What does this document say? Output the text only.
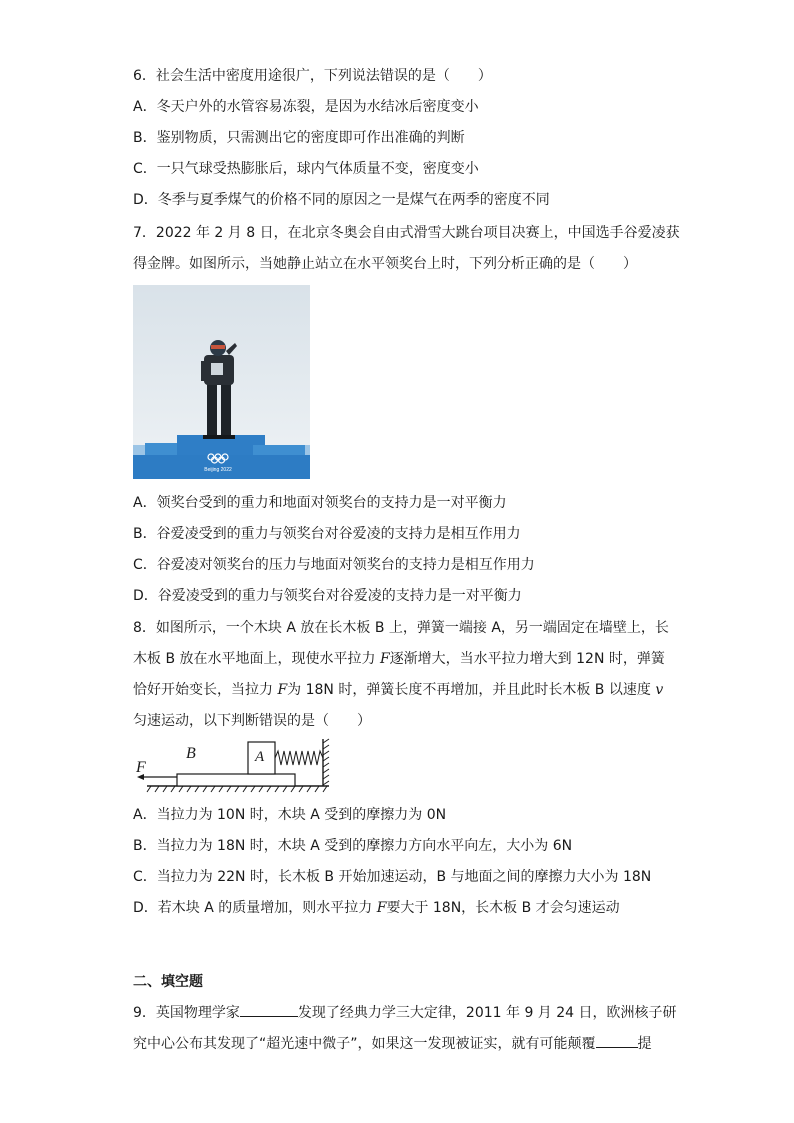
6．社会生活中密度用途很广，下列说法错误的是（　　）
A．冬天户外的水管容易冻裂，是因为水结冰后密度变小
B．鉴别物质，只需测出它的密度即可作出准确的判断
C．一只气球受热膨胀后，球内气体质量不变，密度变小
D．冬季与夏季煤气的价格不同的原因之一是煤气在两季的密度不同
7．2022 年 2 月 8 日，在北京冬奥会自由式滑雪大跳台项目决赛上，中国选手谷爱凌获
得金牌。如图所示，当她静止站立在水平领奖台上时，下列分析正确的是（　　）
Beijing 2022
A．领奖台受到的重力和地面对领奖台的支持力是一对平衡力
B．谷爱凌受到的重力与领奖台对谷爱凌的支持力是相互作用力
C．谷爱凌对领奖台的压力与地面对领奖台的支持力是相互作用力
D．谷爱凌受到的重力与领奖台对谷爱凌的支持力是一对平衡力
8．如图所示，一个木块 A 放在长木板 B 上，弹簧一端接 A，另一端固定在墙壁上，长
木板 B 放在水平地面上，现使水平拉力 F逐渐增大，当水平拉力增大到 12N 时，弹簧
恰好开始变长，当拉力 F为 18N 时，弹簧长度不再增加，并且此时长木板 B 以速度 v
匀速运动，以下判断错误的是（　　）
B	A
F
A．当拉力为 10N 时，木块 A 受到的摩擦力为 0N
B．当拉力为 18N 时，木块 A 受到的摩擦力方向水平向左，大小为 6N
C．当拉力为 22N 时，长木板 B 开始加速运动，B 与地面之间的摩擦力大小为 18N
D．若木块 A 的质量增加，则水平拉力 F要大于 18N，长木板 B 才会匀速运动
二、填空题
9．英国物理学家	发现了经典力学三大定律，2011 年 9 月 24 日，欧洲核子研
究中心公布其发现了“超光速中微子”，如果这一发现被证实，就有可能颠覆	提
